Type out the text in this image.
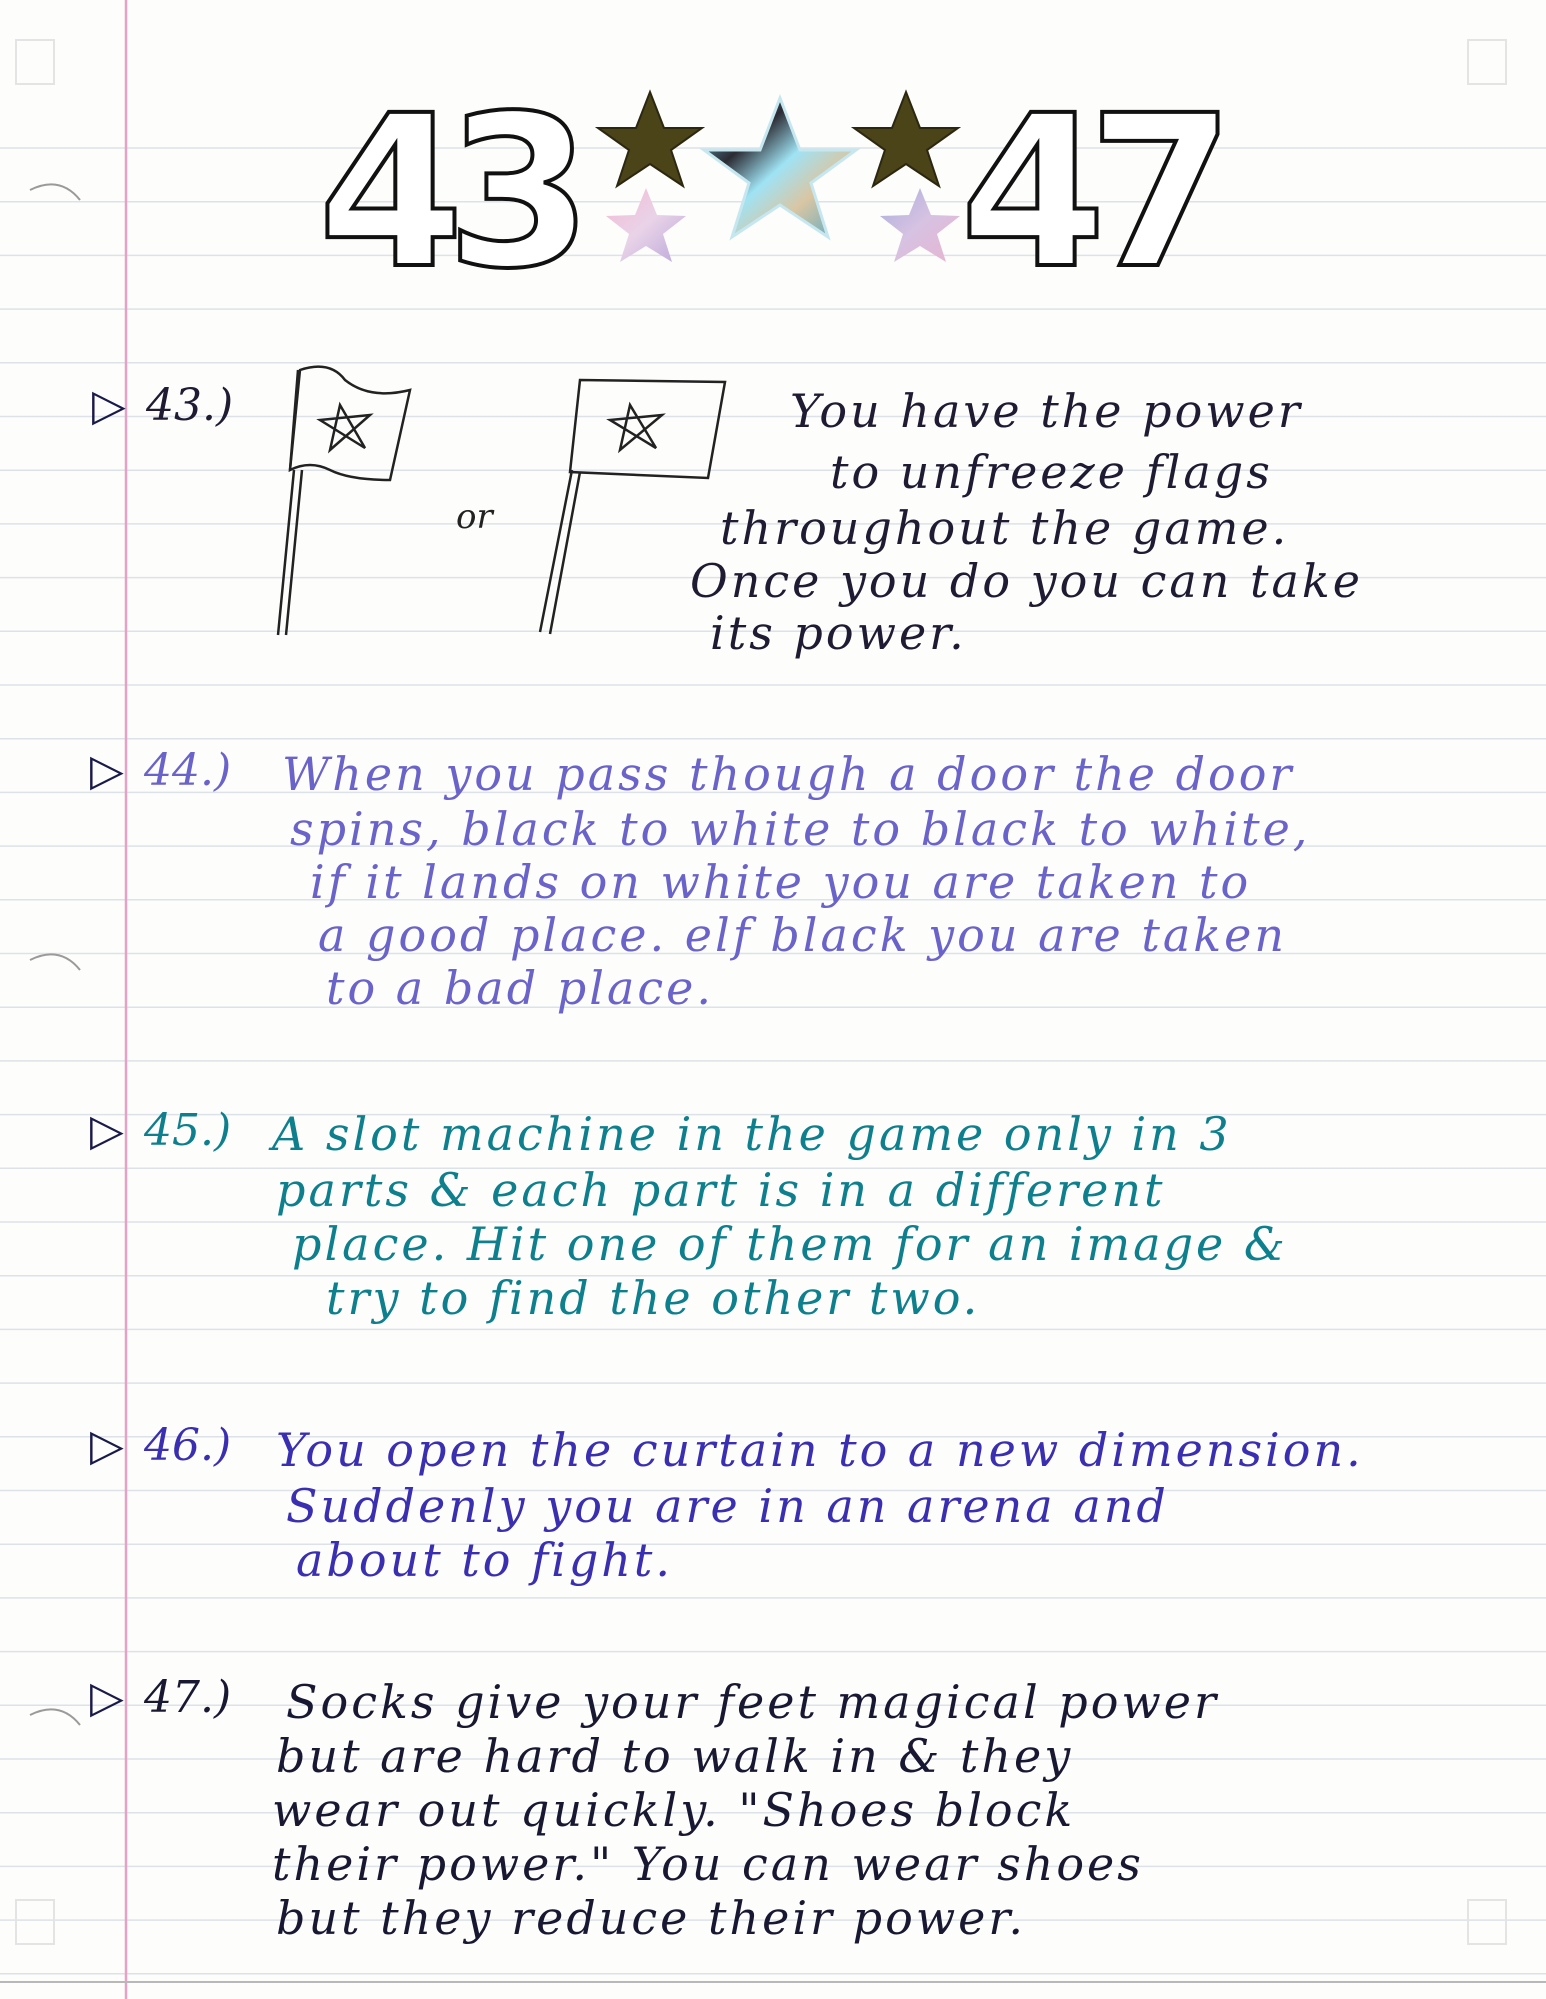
43 47
or
▷ 43.)	You have the power
to unfreeze flags
throughout the game.
Once you do you can take
its power.
▷ 44.) When you pass though a door the door
spins, black to white to black to white,
if it lands on white you are taken to
a good place. elf black you are taken
to a bad place.
▷ 45.) A slot machine in the game only in 3
parts & each part is in a different
place. Hit one of them for an image &
try to find the other two.
▷ 46.) You open the curtain to a new dimension.
Suddenly you are in an arena and
about to fight.
▷ 47.) Socks give your feet magical power
but are hard to walk in & they
wear out quickly. "Shoes block
their power." You can wear shoes
but they reduce their power.
